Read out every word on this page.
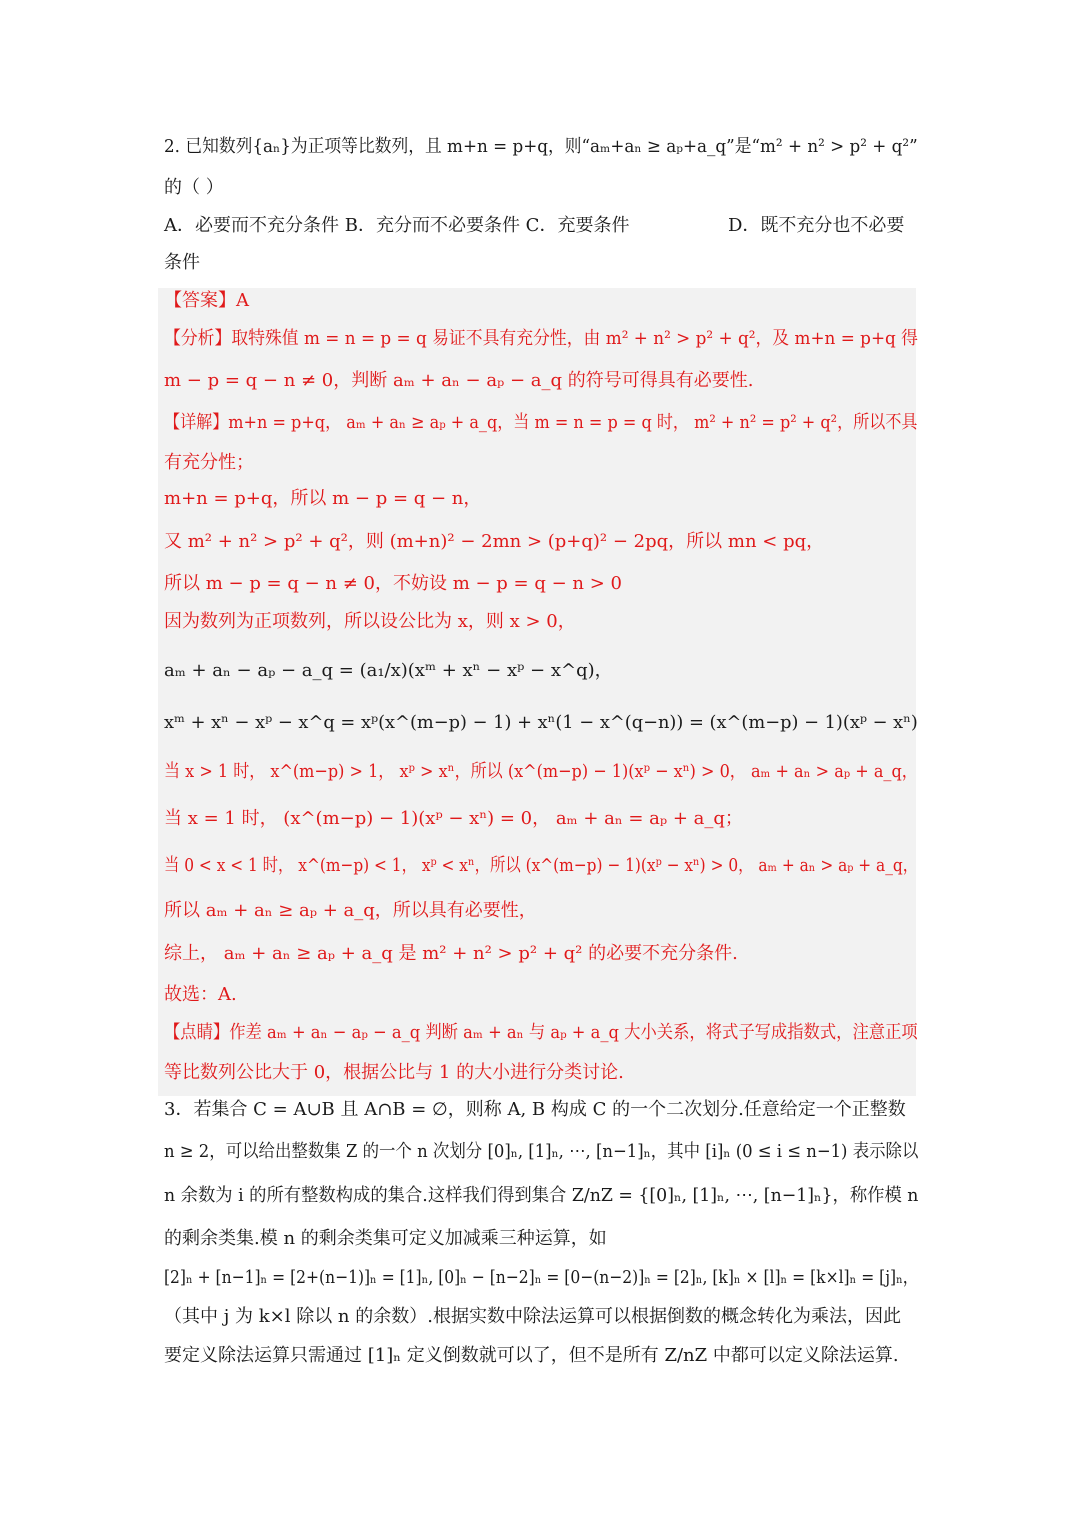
2. 已知数列{aₙ}为正项等比数列，且 m+n = p+q，则“aₘ+aₙ ≥ aₚ+a_q”是“m² + n² > p² + q²”
的（ ）
A．必要而不充分条件 B．充分而不必要条件 C．充要条件	D．既不充分也不必要
条件
【答案】A
【分析】取特殊值 m = n = p = q 易证不具有充分性，由 m² + n² > p² + q²，及 m+n = p+q 得
m − p = q − n ≠ 0，判断 aₘ + aₙ − aₚ − a_q 的符号可得具有必要性.
【详解】m+n = p+q， aₘ + aₙ ≥ aₚ + a_q，当 m = n = p = q 时， m² + n² = p² + q²，所以不具
有充分性；
m+n = p+q，所以 m − p = q − n，
又 m² + n² > p² + q²，则 (m+n)² − 2mn > (p+q)² − 2pq，所以 mn < pq，
所以 m − p = q − n ≠ 0，不妨设 m − p = q − n > 0
因为数列为正项数列，所以设公比为 x，则 x > 0，
aₘ + aₙ − aₚ − a_q = (a₁/x)(xᵐ + xⁿ − xᵖ − x^q)，
xᵐ + xⁿ − xᵖ − x^q = xᵖ(x^(m−p) − 1) + xⁿ(1 − x^(q−n)) = (x^(m−p) − 1)(xᵖ − xⁿ)
当 x > 1 时， x^(m−p) > 1， xᵖ > xⁿ，所以 (x^(m−p) − 1)(xᵖ − xⁿ) > 0， aₘ + aₙ > aₚ + a_q，
当 x = 1 时， (x^(m−p) − 1)(xᵖ − xⁿ) = 0， aₘ + aₙ = aₚ + a_q；
当 0 < x < 1 时， x^(m−p) < 1， xᵖ < xⁿ，所以 (x^(m−p) − 1)(xᵖ − xⁿ) > 0， aₘ + aₙ > aₚ + a_q，
所以 aₘ + aₙ ≥ aₚ + a_q，所以具有必要性，
综上， aₘ + aₙ ≥ aₚ + a_q 是 m² + n² > p² + q² 的必要不充分条件.
故选：A.
【点睛】作差 aₘ + aₙ − aₚ − a_q 判断 aₘ + aₙ 与 aₚ + a_q 大小关系，将式子写成指数式，注意正项
等比数列公比大于 0，根据公比与 1 的大小进行分类讨论.
3．若集合 C = A∪B 且 A∩B = ∅，则称 A, B 构成 C 的一个二次划分.任意给定一个正整数
n ≥ 2，可以给出整数集 Z 的一个 n 次划分 [0]ₙ, [1]ₙ, ⋯, [n−1]ₙ，其中 [i]ₙ (0 ≤ i ≤ n−1) 表示除以
n 余数为 i 的所有整数构成的集合.这样我们得到集合 Z/nZ = {[0]ₙ, [1]ₙ, ⋯, [n−1]ₙ}，称作模 n
的剩余类集.模 n 的剩余类集可定义加减乘三种运算，如
[2]ₙ + [n−1]ₙ = [2+(n−1)]ₙ = [1]ₙ, [0]ₙ − [n−2]ₙ = [0−(n−2)]ₙ = [2]ₙ, [k]ₙ × [l]ₙ = [k×l]ₙ = [j]ₙ，
（其中 j 为 k×l 除以 n 的余数）.根据实数中除法运算可以根据倒数的概念转化为乘法，因此
要定义除法运算只需通过 [1]ₙ 定义倒数就可以了，但不是所有 Z/nZ 中都可以定义除法运算.
